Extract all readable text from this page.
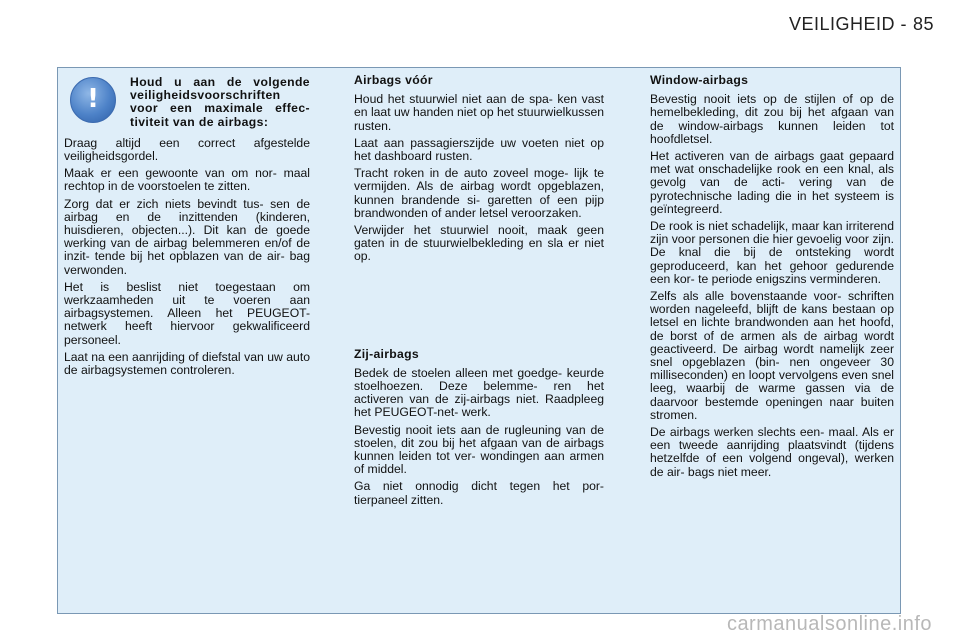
VEILIGHEID - 85
!
Houd u aan de volgende veiligheidsvoorschriften voor een maximale effec- tiviteit van de airbags:

Draag altijd een correct afgestelde veiligheidsgordel.

Maak er een gewoonte van om nor- maal rechtop in de voorstoelen te zitten.

Zorg dat er zich niets bevindt tus- sen de airbag en de inzittenden (kinderen, huisdieren, objecten...). Dit kan de goede werking van de airbag belemmeren en/of de inzit- tende bij het opblazen van de air- bag verwonden.

Het is beslist niet toegestaan om werkzaamheden uit te voeren aan airbagsystemen. Alleen het PEUGEOT-netwerk heeft hiervoor gekwalificeerd personeel.

Laat na een aanrijding of diefstal van uw auto de airbagsystemen controleren.

Airbags vóór

Houd het stuurwiel niet aan de spa- ken vast en laat uw handen niet op het stuurwielkussen rusten.

Laat aan passagierszijde uw voeten niet op het dashboard rusten.

Tracht roken in de auto zoveel moge- lijk te vermijden. Als de airbag wordt opgeblazen, kunnen brandende si- garetten of een pijp brandwonden of ander letsel veroorzaken.

Verwijder het stuurwiel nooit, maak geen gaten in de stuurwielbekleding en sla er niet op.

Zij-airbags

Bedek de stoelen alleen met goedge- keurde stoelhoezen. Deze belemme- ren het activeren van de zij-airbags niet. Raadpleeg het PEUGEOT-net- werk.

Bevestig nooit iets aan de rugleuning van de stoelen, dit zou bij het afgaan van de airbags kunnen leiden tot ver- wondingen aan armen of middel.

Ga niet onnodig dicht tegen het por- tierpaneel zitten.

Window-airbags

Bevestig nooit iets op de stijlen of op de hemelbekleding, dit zou bij het afgaan van de window-airbags kunnen leiden tot hoofdletsel.

Het activeren van de airbags gaat gepaard met wat onschadelijke rook en een knal, als gevolg van de acti- vering van de pyrotechnische lading die in het systeem is geïntegreerd.

De rook is niet schadelijk, maar kan irriterend zijn voor personen die hier gevoelig voor zijn. De knal die bij de ontsteking wordt geproduceerd, kan het gehoor gedurende een kor- te periode enigszins verminderen.

Zelfs als alle bovenstaande voor- schriften worden nageleefd, blijft de kans bestaan op letsel en lichte brandwonden aan het hoofd, de borst of de armen als de airbag wordt geactiveerd. De airbag wordt namelijk zeer snel opgeblazen (bin- nen ongeveer 30 milliseconden) en loopt vervolgens even snel leeg, waarbij de warme gassen via de daarvoor bestemde openingen naar buiten stromen.

De airbags werken slechts een- maal. Als er een tweede aanrijding plaatsvindt (tijdens hetzelfde of een volgend ongeval), werken de air- bags niet meer.

carmanualsonline.info
